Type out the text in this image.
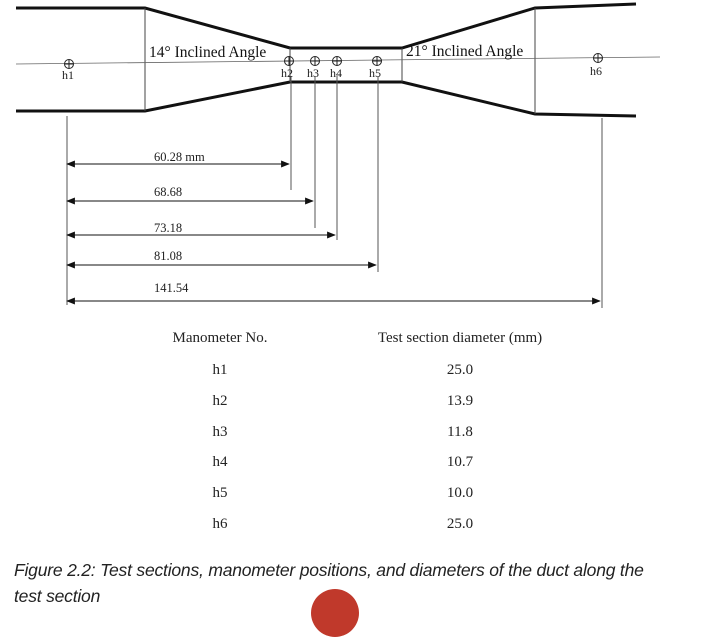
14° Inclined Angle	21° Inclined Angle
h1	h2 h3 h4 h5	h6
60.28 mm
68.68
73.18
81.08
141.54
Manometer No.	Test section diameter (mm)
h1	25.0
h2	13.9
h3	11.8
h4	10.7
h5	10.0
h6	25.0
Figure 2.2: Test sections, manometer positions, and diameters of the duct along the test section
